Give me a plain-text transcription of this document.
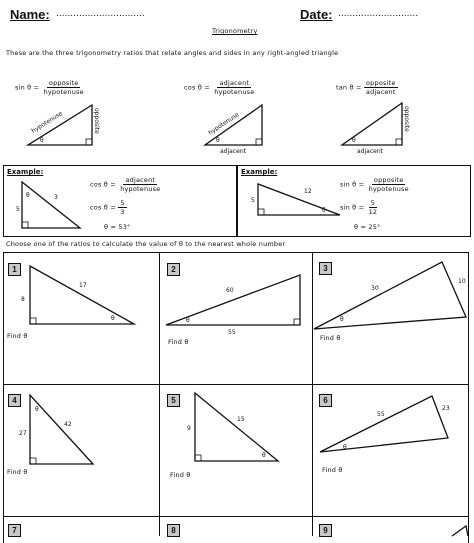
Name: ...............................	Date: ............................
Trigonometry
These are the three trigonometry ratios that relate angles and sides in any right-angled triangle
$\sin \theta = \frac{\text{opposite}}{\text{hypotenuse}}$	$\cos \theta = \frac{\text{adjacent}}{\text{hypotenuse}}$	$\tan \theta = \frac{\text{opposite}}{\text{adjacent}}$
θ
hypotenuse	opposite
θ
hypotenuse
adjacent
θ
opposite
adjacent
Example:	Example:
θ	3
5	θ
12
5
$\cos \theta = \frac{\text{adjacent}}{\text{hypotenuse}}$
$\cos \theta = \frac{5}{3}$
θ = 53°
$\sin \theta = \frac{\text{opposite}}{\text{hypotenuse}}$
$\sin \theta = \frac{5}{12}$
θ = 25°
Choose one of the ratios to calculate the value of θ to the nearest whole number
1	2	3
4	5	6
7	8	9
Find θ
Find θ	Find θ
Find θ	Find θ
Find θ
θ
17
8
θ
60
55
θ
30
10
θ
42
27
θ
15
9
θ
55
23
